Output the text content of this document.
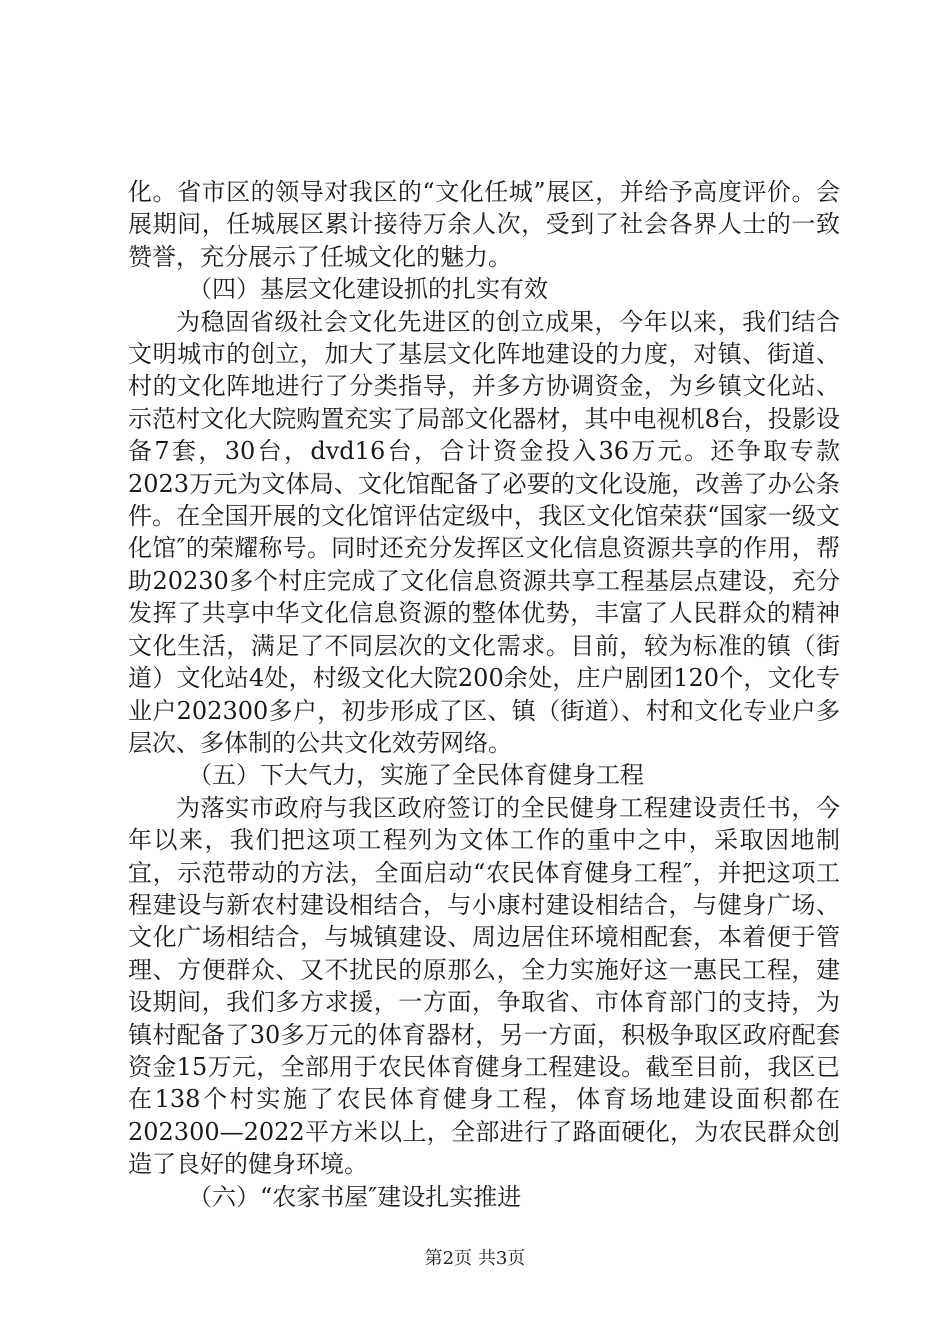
化。省市区的领导对我区的“文化任城”展区，并给予高度评价。会展期间，任城展区累计接待万余人次，受到了社会各界人士的一致赞誉，充分展示了任城文化的魅力。

（四）基层文化建设抓的扎实有效

为稳固省级社会文化先进区的创立成果，今年以来，我们结合文明城市的创立，加大了基层文化阵地建设的力度，对镇、街道、村的文化阵地进行了分类指导，并多方协调资金，为乡镇文化站、示范村文化大院购置充实了局部文化器材，其中电视机8台，投影设备7套，30台，dvd16台，合计资金投入36万元。还争取专款2023万元为文体局、文化馆配备了必要的文化设施，改善了办公条件。在全国开展的文化馆评估定级中，我区文化馆荣获“国家一级文化馆″的荣耀称号。同时还充分发挥区文化信息资源共享的作用，帮助20230多个村庄完成了文化信息资源共享工程基层点建设，充分发挥了共享中华文化信息资源的整体优势，丰富了人民群众的精神文化生活，满足了不同层次的文化需求。目前，较为标准的镇（街道）文化站4处，村级文化大院200余处，庄户剧团120个，文化专业户202300多户，初步形成了区、镇（街道）、村和文化专业户多层次、多体制的公共文化效劳网络。

（五）下大气力，实施了全民体育健身工程

为落实市政府与我区政府签订的全民健身工程建设责任书，今年以来，我们把这项工程列为文体工作的重中之中，采取因地制宜，示范带动的方法，全面启动“农民体育健身工程″，并把这项工程建设与新农村建设相结合，与小康村建设相结合，与健身广场、文化广场相结合，与城镇建设、周边居住环境相配套，本着便于管理、方便群众、又不扰民的原那么，全力实施好这一惠民工程，建设期间，我们多方求援，一方面，争取省、市体育部门的支持，为镇村配备了30多万元的体育器材，另一方面，积极争取区政府配套资金15万元，全部用于农民体育健身工程建设。截至目前，我区已在138个村实施了农民体育健身工程，体育场地建设面积都在202300—2022平方米以上，全部进行了路面硬化，为农民群众创造了良好的健身环境。

（六）“农家书屋″建设扎实推进

第2页 共3页
